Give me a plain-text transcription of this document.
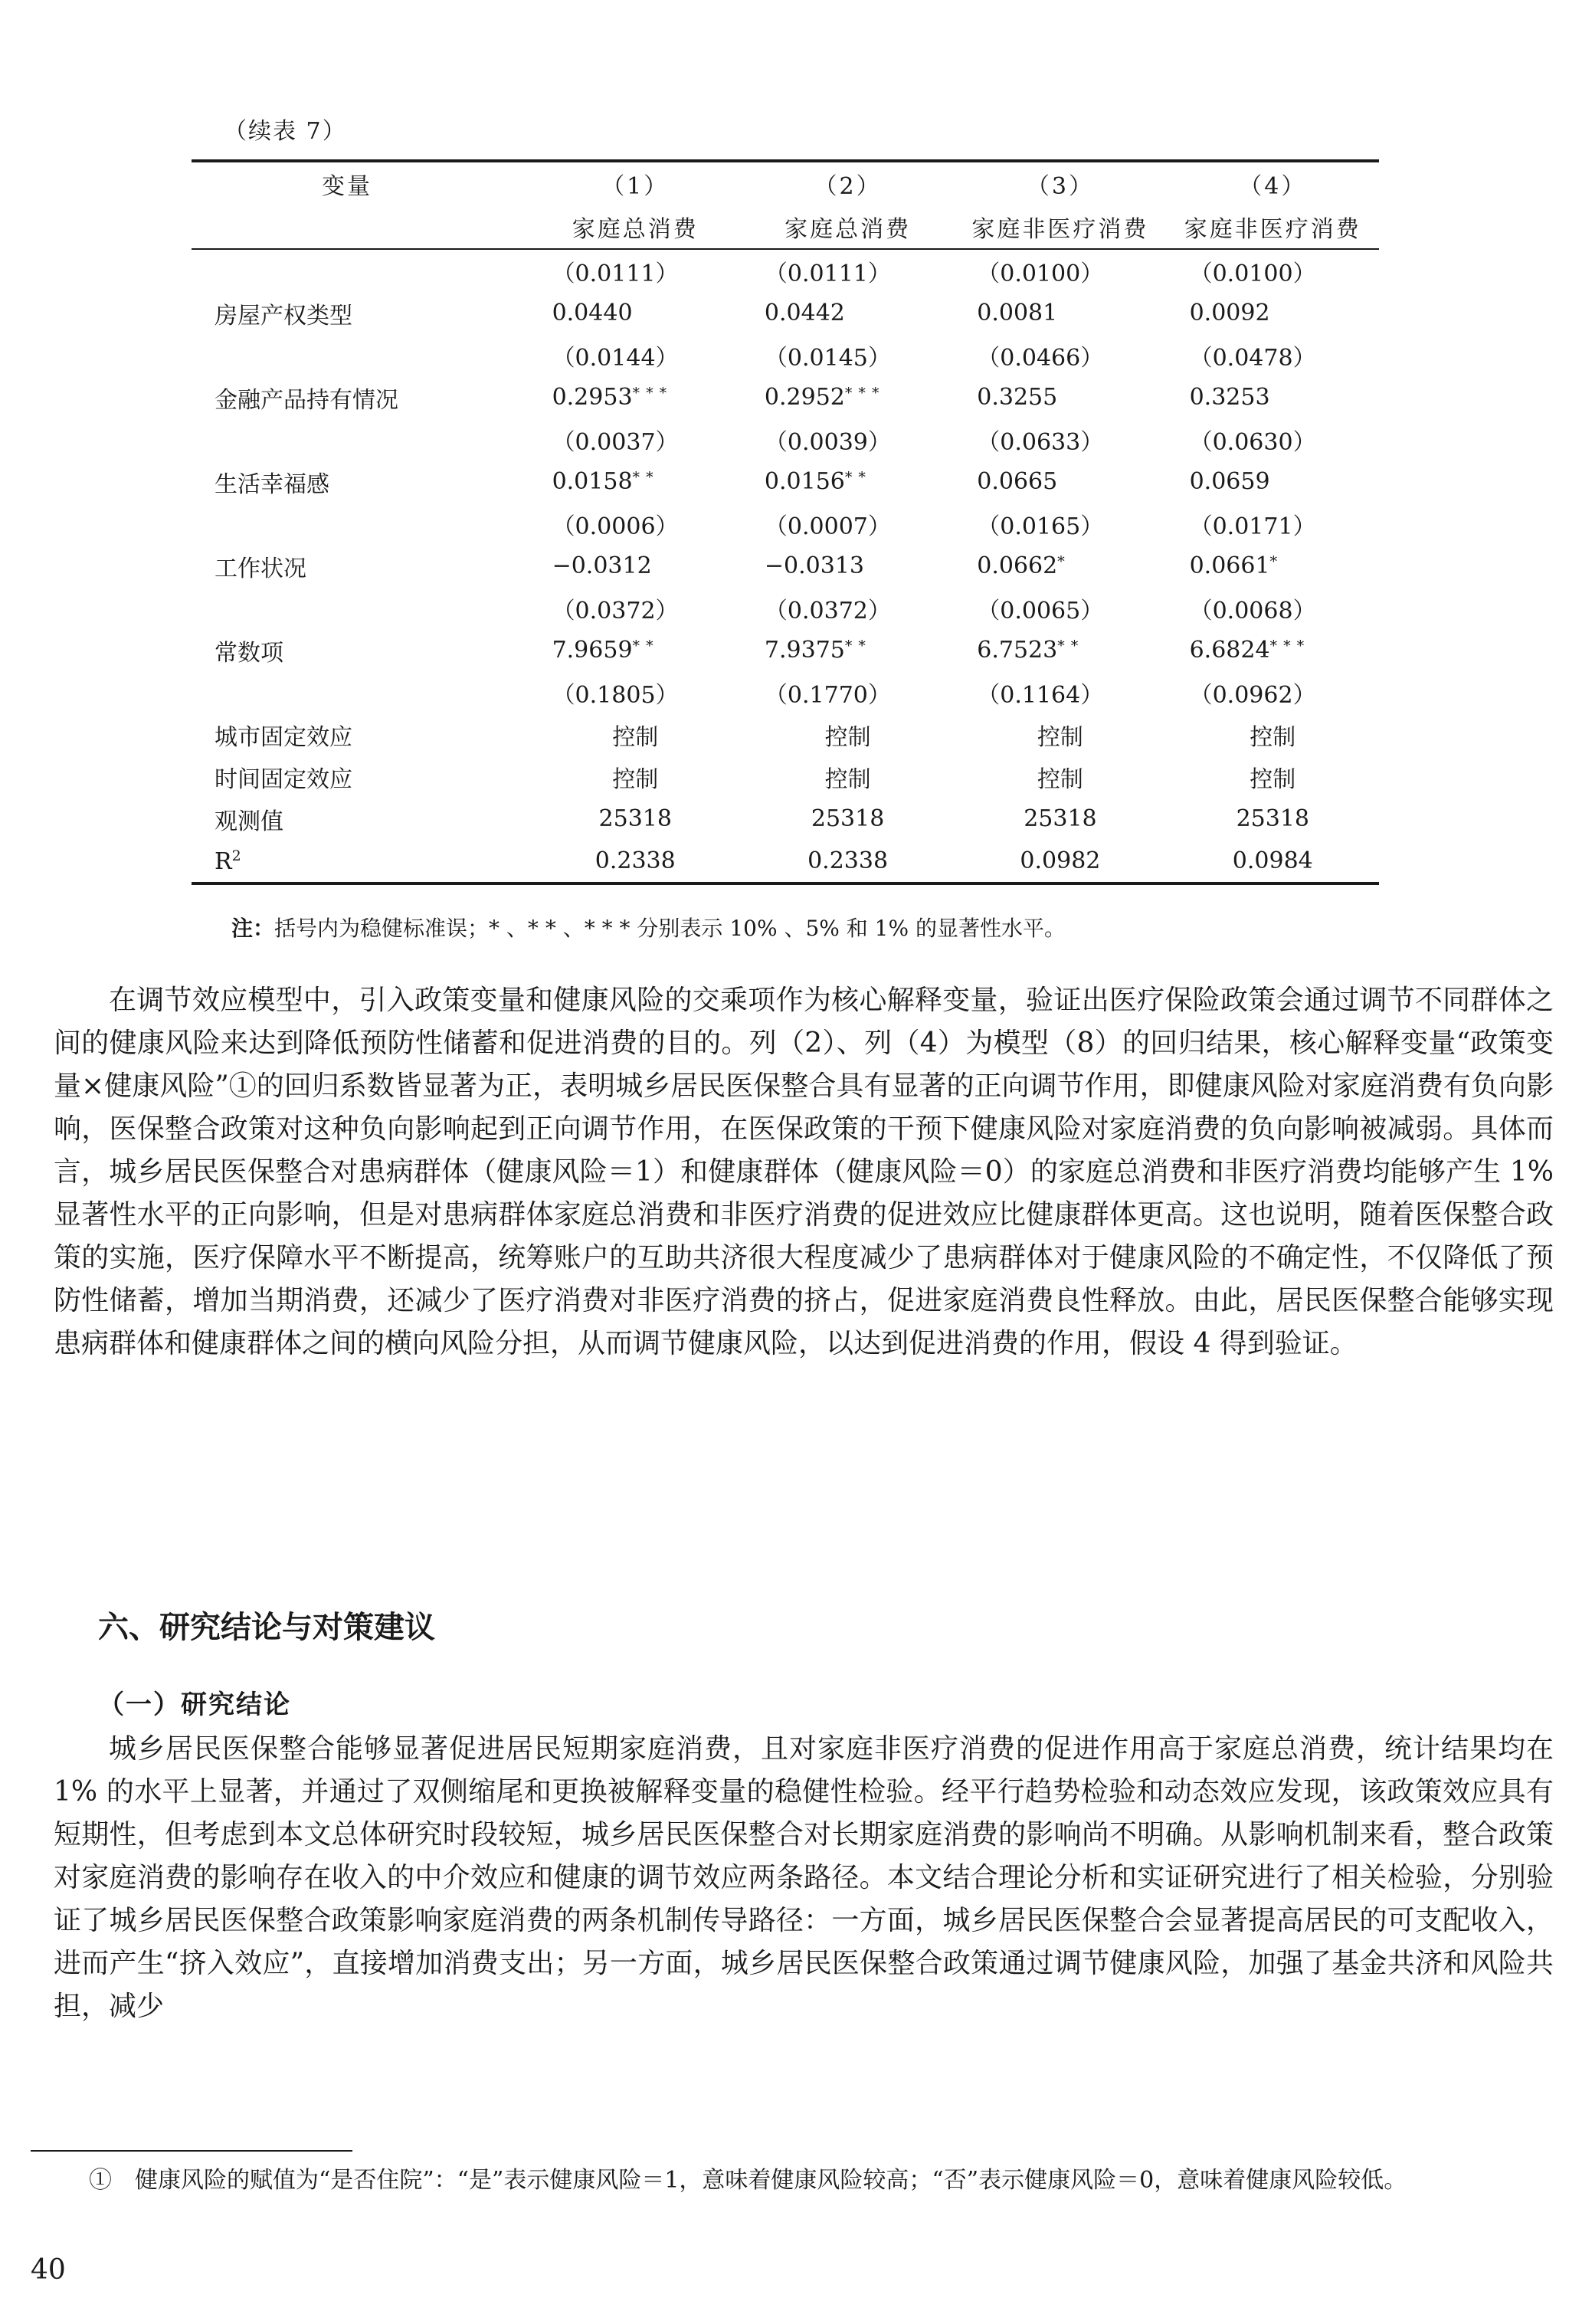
（续表 7）
变量	（1）	（2）	（3）	（4）
	家庭总消费	家庭总消费	家庭非医疗消费	家庭非医疗消费
	（0.0111）	（0.0111）	（0.0100）	（0.0100）
房屋产权类型	0.0440	0.0442	0.0081	0.0092
	（0.0144）	（0.0145）	（0.0466）	（0.0478）
金融产品持有情况	0.2953* * *	0.2952* * *	0.3255	0.3253
	（0.0037）	（0.0039）	（0.0633）	（0.0630）
生活幸福感	0.0158* *	0.0156* *	0.0665	0.0659
	（0.0006）	（0.0007）	（0.0165）	（0.0171）
工作状况	−0.0312	−0.0313	0.0662*	0.0661*
	（0.0372）	（0.0372）	（0.0065）	（0.0068）
常数项	7.9659* *	7.9375* *	6.7523* *	6.6824* * *
	（0.1805）	（0.1770）	（0.1164）	（0.0962）
城市固定效应	控制	控制	控制	控制
时间固定效应	控制	控制	控制	控制
观测值	25318	25318	25318	25318
$R^2$	0.2338	0.2338	0.0982	0.0984
注：括号内为稳健标准误；* 、* * 、* * * 分别表示 10% 、5% 和 1% 的显著性水平。

在调节效应模型中，引入政策变量和健康风险的交乘项作为核心解释变量，验证出医疗保险政策会通过调节不同群体之间的健康风险来达到降低预防性储蓄和促进消费的目的。列（2）、列（4）为模型（8）的回归结果，核心解释变量“政策变量×健康风险”①的回归系数皆显著为正，表明城乡居民医保整合具有显著的正向调节作用，即健康风险对家庭消费有负向影响，医保整合政策对这种负向影响起到正向调节作用，在医保政策的干预下健康风险对家庭消费的负向影响被减弱。具体而言，城乡居民医保整合对患病群体（健康风险＝1）和健康群体（健康风险＝0）的家庭总消费和非医疗消费均能够产生 1% 显著性水平的正向影响，但是对患病群体家庭总消费和非医疗消费的促进效应比健康群体更高。这也说明，随着医保整合政策的实施，医疗保障水平不断提高，统筹账户的互助共济很大程度减少了患病群体对于健康风险的不确定性，不仅降低了预防性储蓄，增加当期消费，还减少了医疗消费对非医疗消费的挤占，促进家庭消费良性释放。由此，居民医保整合能够实现患病群体和健康群体之间的横向风险分担，从而调节健康风险，以达到促进消费的作用，假设 4 得到验证。

六、研究结论与对策建议
（一）研究结论

城乡居民医保整合能够显著促进居民短期家庭消费，且对家庭非医疗消费的促进作用高于家庭总消费，统计结果均在 1% 的水平上显著，并通过了双侧缩尾和更换被解释变量的稳健性检验。经平行趋势检验和动态效应发现，该政策效应具有短期性，但考虑到本文总体研究时段较短，城乡居民医保整合对长期家庭消费的影响尚不明确。从影响机制来看，整合政策对家庭消费的影响存在收入的中介效应和健康的调节效应两条路径。本文结合理论分析和实证研究进行了相关检验，分别验证了城乡居民医保整合政策影响家庭消费的两条机制传导路径：一方面，城乡居民医保整合会显著提高居民的可支配收入，进而产生“挤入效应”，直接增加消费支出；另一方面，城乡居民医保整合政策通过调节健康风险，加强了基金共济和风险共担，减少

①　健康风险的赋值为“是否住院”：“是”表示健康风险＝1，意味着健康风险较高；“否”表示健康风险＝0，意味着健康风险较低。

40
